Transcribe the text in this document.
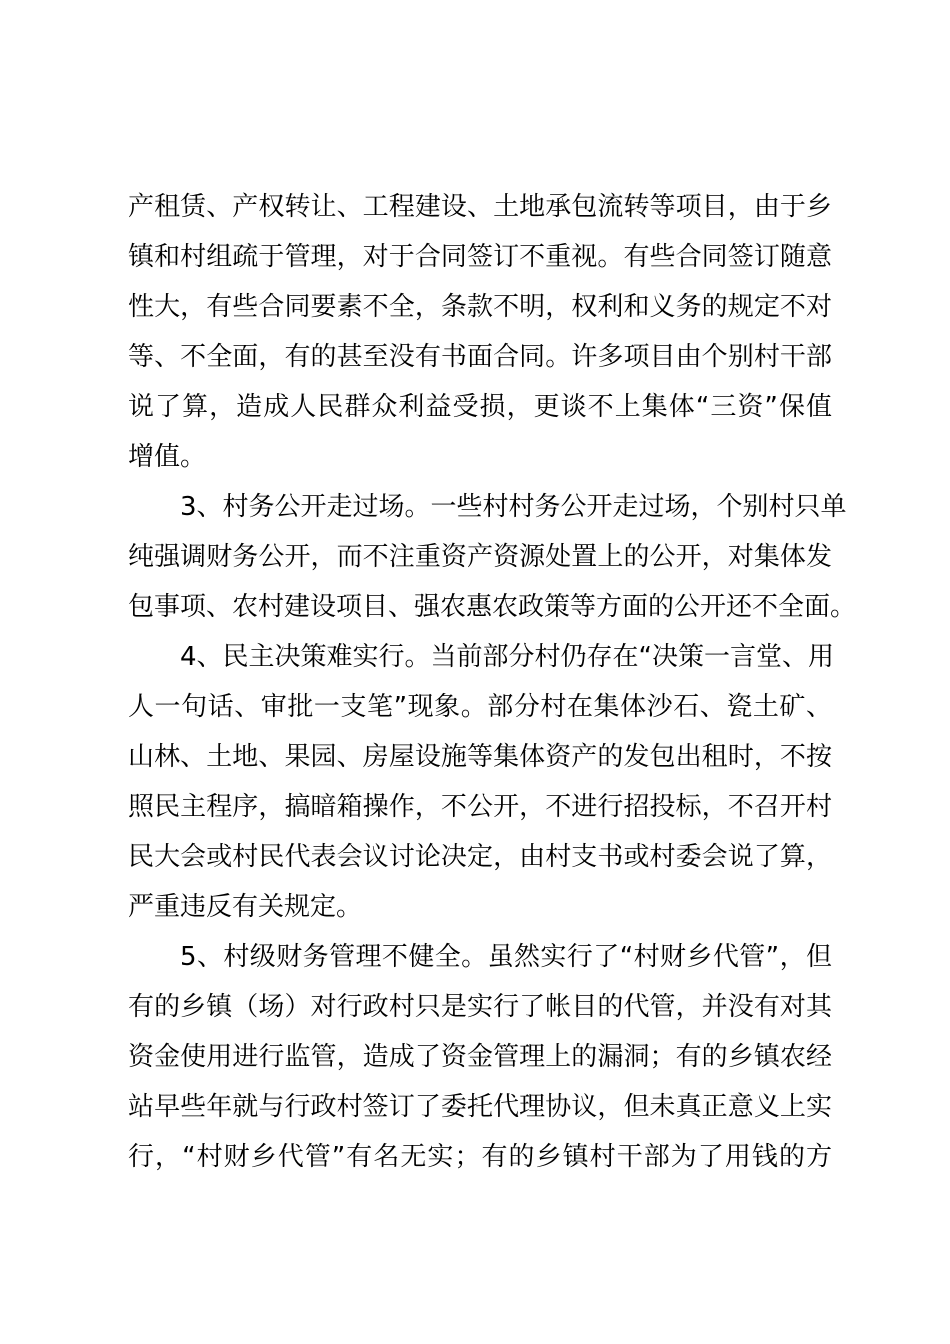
产租赁、产权转让、工程建设、土地承包流转等项目，由于乡
镇和村组疏于管理，对于合同签订不重视。有些合同签订随意
性大，有些合同要素不全，条款不明，权利和义务的规定不对
等、不全面，有的甚至没有书面合同。许多项目由个别村干部
说了算，造成人民群众利益受损，更谈不上集体“三资”保值
增值。
3、村务公开走过场。一些村村务公开走过场，个别村只单
纯强调财务公开，而不注重资产资源处置上的公开，对集体发
包事项、农村建设项目、强农惠农政策等方面的公开还不全面。
4、民主决策难实行。当前部分村仍存在“决策一言堂、用
人一句话、审批一支笔”现象。部分村在集体沙石、瓷土矿、
山林、土地、果园、房屋设施等集体资产的发包出租时，不按
照民主程序，搞暗箱操作，不公开，不进行招投标，不召开村
民大会或村民代表会议讨论决定，由村支书或村委会说了算，
严重违反有关规定。
5、村级财务管理不健全。虽然实行了“村财乡代管”，但
有的乡镇（场）对行政村只是实行了帐目的代管，并没有对其
资金使用进行监管，造成了资金管理上的漏洞；有的乡镇农经
站早些年就与行政村签订了委托代理协议，但未真正意义上实
行，“村财乡代管”有名无实；有的乡镇村干部为了用钱的方
